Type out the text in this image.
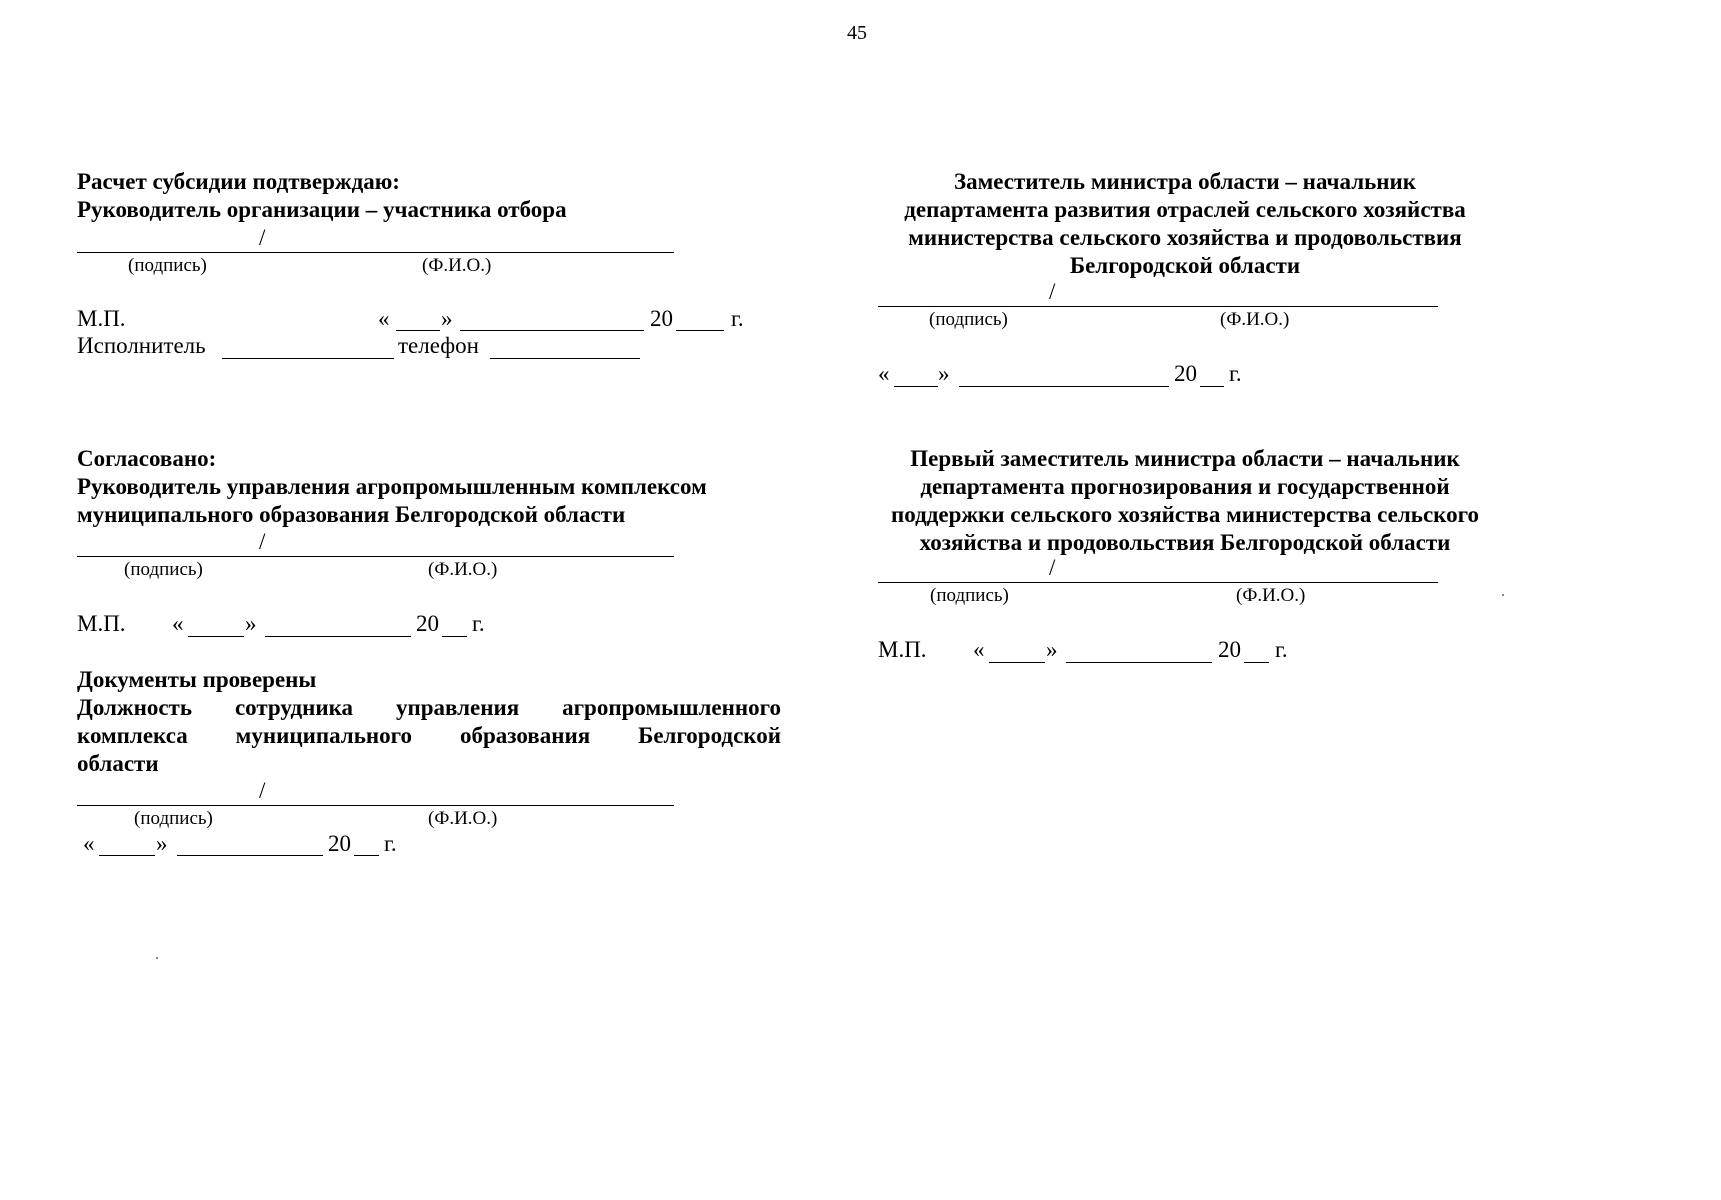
45
Расчет субсидии подтверждаю:
Руководитель организации – участника отбора
/
(подпись)	(Ф.И.О.)
М.П.	« »	20	г.
Исполнитель	телефон
Согласовано:
Руководитель управления агропромышленным комплексом
муниципального образования Белгородской области
/
(подпись)	(Ф.И.О.)
М.П. «	»	20 г.
Документы проверены
Должность сотрудника управления агропромышленного
комплекса муниципального образования Белгородской
области
/
(подпись)	(Ф.И.О.)
«	»	20 г.
Заместитель министра области – начальник
департамента развития отраслей сельского хозяйства
министерства сельского хозяйства и продовольствия
Белгородской области
/
(подпись)	(Ф.И.О.)
« »	20 г.
Первый заместитель министра области – начальник
департамента прогнозирования и государственной
поддержки сельского хозяйства министерства сельского
хозяйства и продовольствия Белгородской области
/
(подпись)	(Ф.И.О.)
М.П. «	»	20 г.
